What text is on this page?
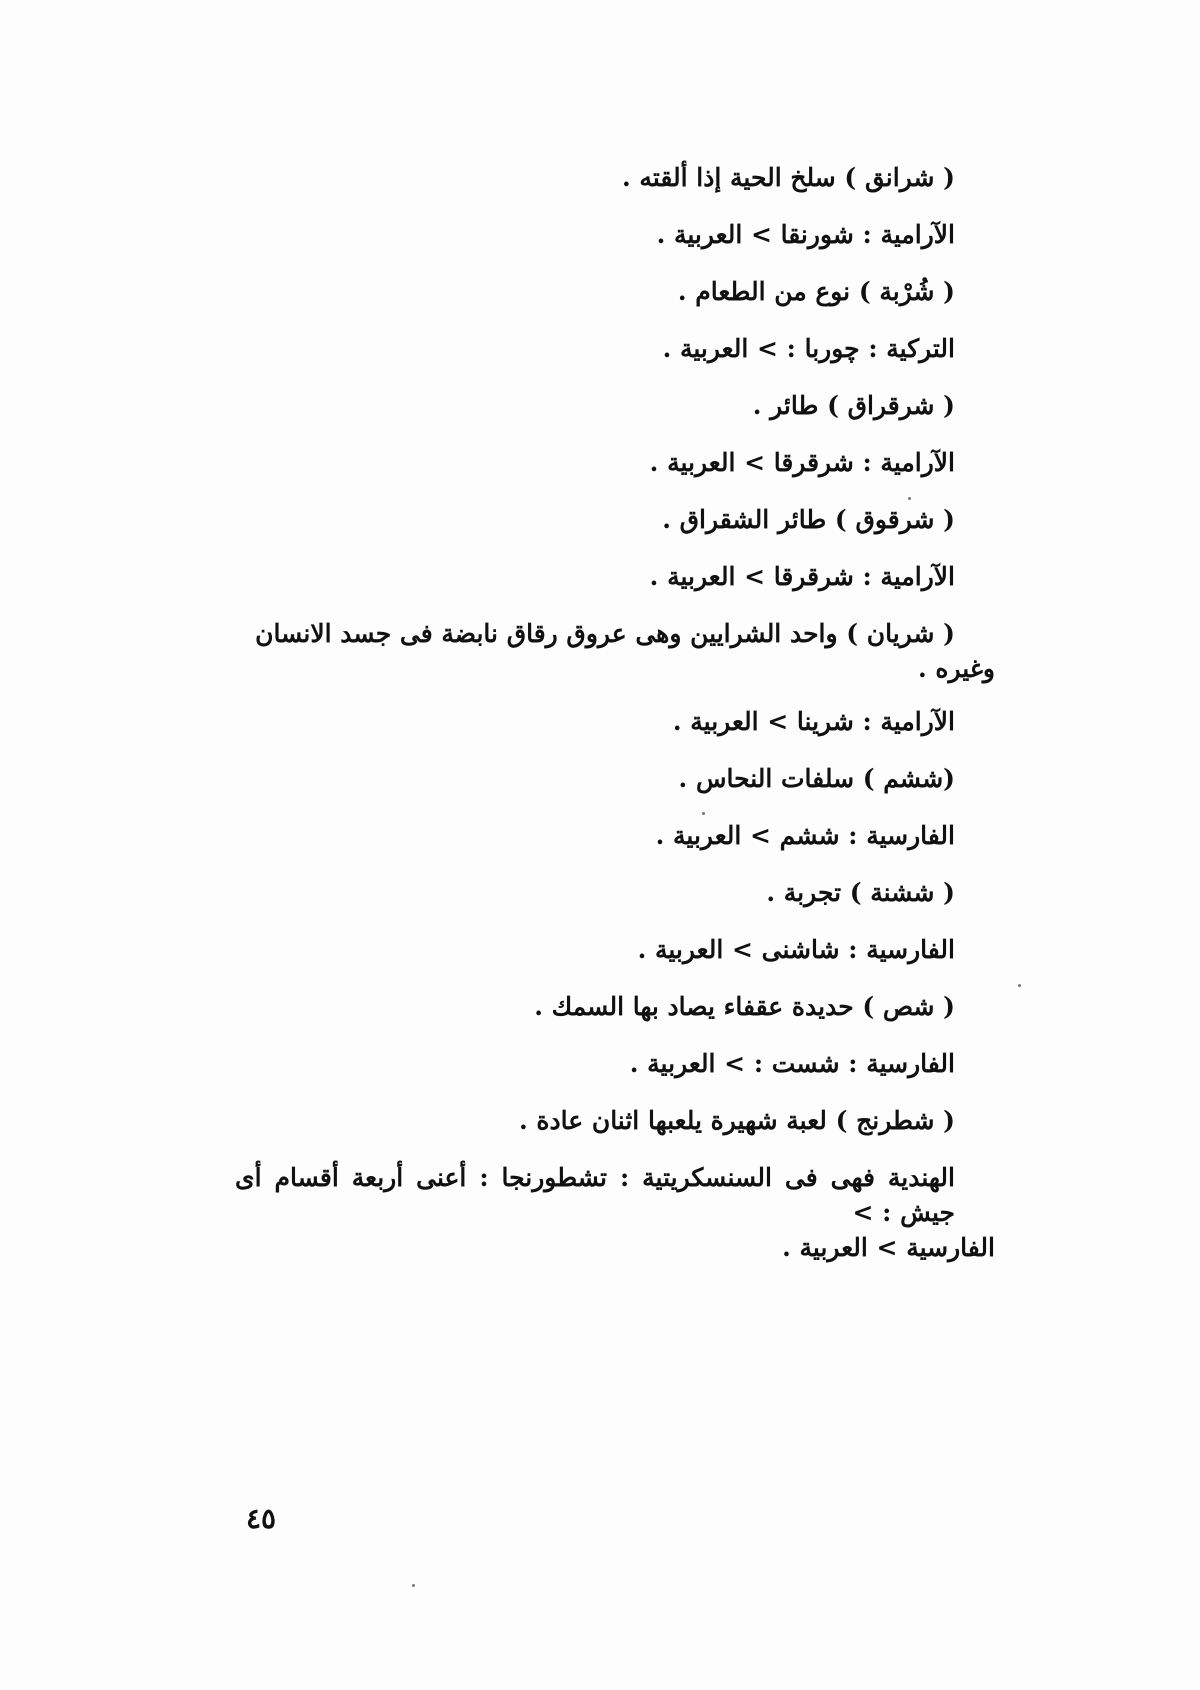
( شرانق ) سلخ الحية إذا ألقته .

الآرامية : شورنقا > العربية .

( شُرْبة ) نوع من الطعام .

التركية : چوربا : > العربية .

( شرقراق ) طائر .

الآرامية : شرقرقا > العربية .

( شرقوق ) طائر الشقراق .

الآرامية : شرقرقا > العربية .

( شريان ) واحد الشرايين وهى عروق رقاق نابضة فى جسد الانسان

وغيره .

الآرامية : شرينا > العربية .

(ششم ) سلفات النحاس .

الفارسية : ششم > العربية .

( ششنة ) تجربة .

الفارسية : شاشنى > العربية .

( شص ) حديدة عقفاء يصاد بها السمك .

الفارسية : شست : > العربية .

( شطرنج ) لعبة شهيرة يلعبها اثنان عادة .

الهندية فهى فى السنسكريتية : تشطورنجا : أعنى أربعة أقسام أى جيش : >

الفارسية > العربية .

٤٥
